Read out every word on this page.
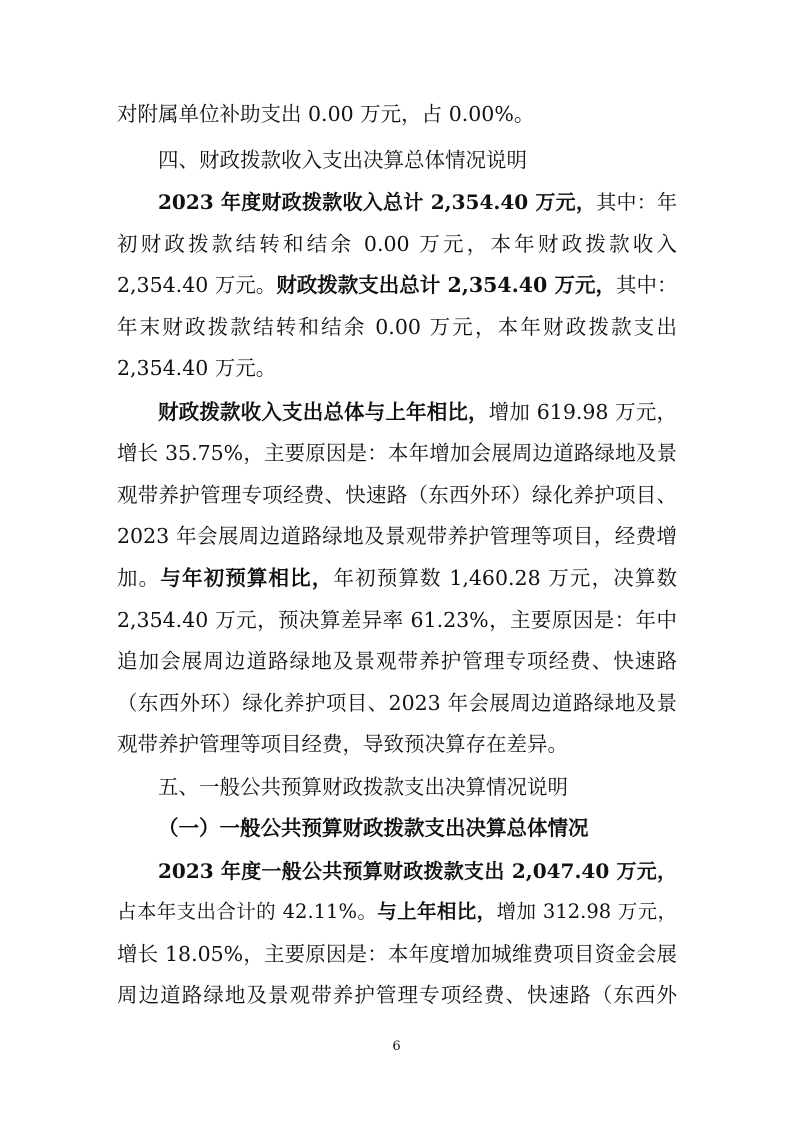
对附属单位补助支出 0.00 万元，占 0.00%。

四、财政拨款收入支出决算总体情况说明

2023 年度财政拨款收入总计 2,354.40 万元，其中：年

初财政拨款结转和结余 0.00 万元，本年财政拨款收入

2,354.40 万元。财政拨款支出总计 2,354.40 万元，其中：

年末财政拨款结转和结余 0.00 万元，本年财政拨款支出

2,354.40 万元。

财政拨款收入支出总体与上年相比，增加 619.98 万元，

增长 35.75%，主要原因是：本年增加会展周边道路绿地及景

观带养护管理专项经费、快速路（东西外环）绿化养护项目、

2023 年会展周边道路绿地及景观带养护管理等项目，经费增

加。与年初预算相比，年初预算数 1,460.28 万元，决算数

2,354.40 万元，预决算差异率 61.23%，主要原因是：年中

追加会展周边道路绿地及景观带养护管理专项经费、快速路

（东西外环）绿化养护项目、2023 年会展周边道路绿地及景

观带养护管理等项目经费，导致预决算存在差异。

五、一般公共预算财政拨款支出决算情况说明

（一）一般公共预算财政拨款支出决算总体情况

2023 年度一般公共预算财政拨款支出 2,047.40 万元，

占本年支出合计的 42.11%。与上年相比，增加 312.98 万元，

增长 18.05%，主要原因是：本年度增加城维费项目资金会展

周边道路绿地及景观带养护管理专项经费、快速路（东西外

6
